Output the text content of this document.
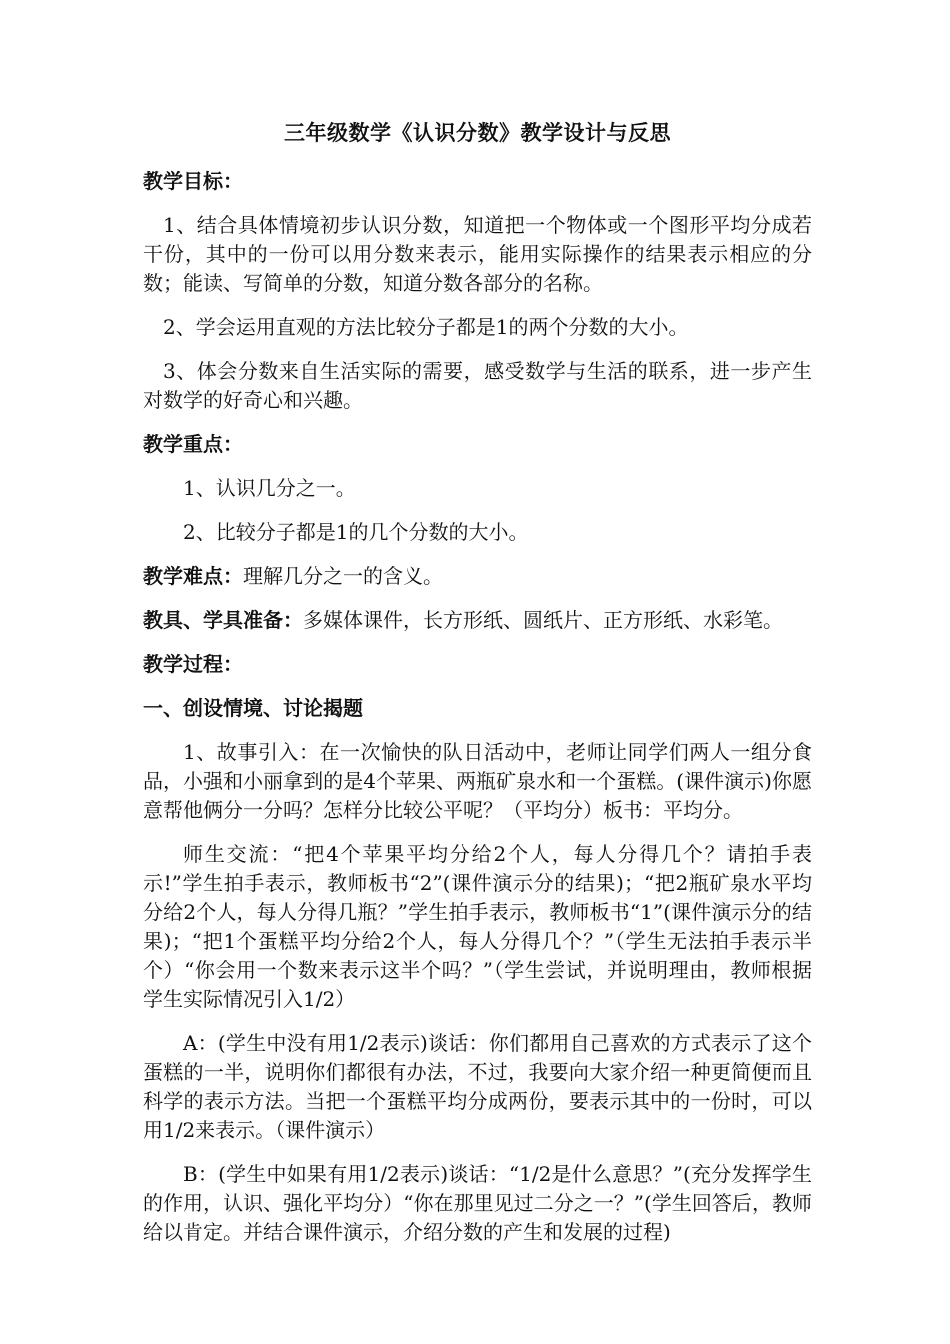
三年级数学《认识分数》教学设计与反思
教学目标：
1、结合具体情境初步认识分数，知道把一个物体或一个图形平均分成若干份，其中的一份可以用分数来表示，能用实际操作的结果表示相应的分数；能读、写简单的分数，知道分数各部分的名称。
2、学会运用直观的方法比较分子都是1的两个分数的大小。
3、体会分数来自生活实际的需要，感受数学与生活的联系，进一步产生对数学的好奇心和兴趣。
教学重点：
1、认识几分之一。
2、比较分子都是1的几个分数的大小。
教学难点：理解几分之一的含义。
教具、学具准备：多媒体课件，长方形纸、圆纸片、正方形纸、水彩笔。
教学过程：
一、创设情境、讨论揭题
1、故事引入：在一次愉快的队日活动中，老师让同学们两人一组分食品，小强和小丽拿到的是4个苹果、两瓶矿泉水和一个蛋糕。(课件演示)你愿意帮他俩分一分吗？怎样分比较公平呢？（平均分）板书：平均分。
师生交流：“把4个苹果平均分给2个人，每人分得几个？请拍手表示!”学生拍手表示，教师板书“2”(课件演示分的结果)；“把2瓶矿泉水平均分给2个人，每人分得几瓶？”学生拍手表示，教师板书“1”(课件演示分的结果)；“把1个蛋糕平均分给2个人，每人分得几个？”（学生无法拍手表示半个）“你会用一个数来表示这半个吗？”（学生尝试，并说明理由，教师根据学生实际情况引入1/2）
A：(学生中没有用1/2表示)谈话：你们都用自己喜欢的方式表示了这个蛋糕的一半，说明你们都很有办法，不过，我要向大家介绍一种更简便而且科学的表示方法。当把一个蛋糕平均分成两份，要表示其中的一份时，可以用1/2来表示。（课件演示）
B：(学生中如果有用1/2表示)谈话：“1/2是什么意思？”(充分发挥学生的作用，认识、强化平均分）“你在那里见过二分之一？”(学生回答后，教师给以肯定。并结合课件演示，介绍分数的产生和发展的过程)
